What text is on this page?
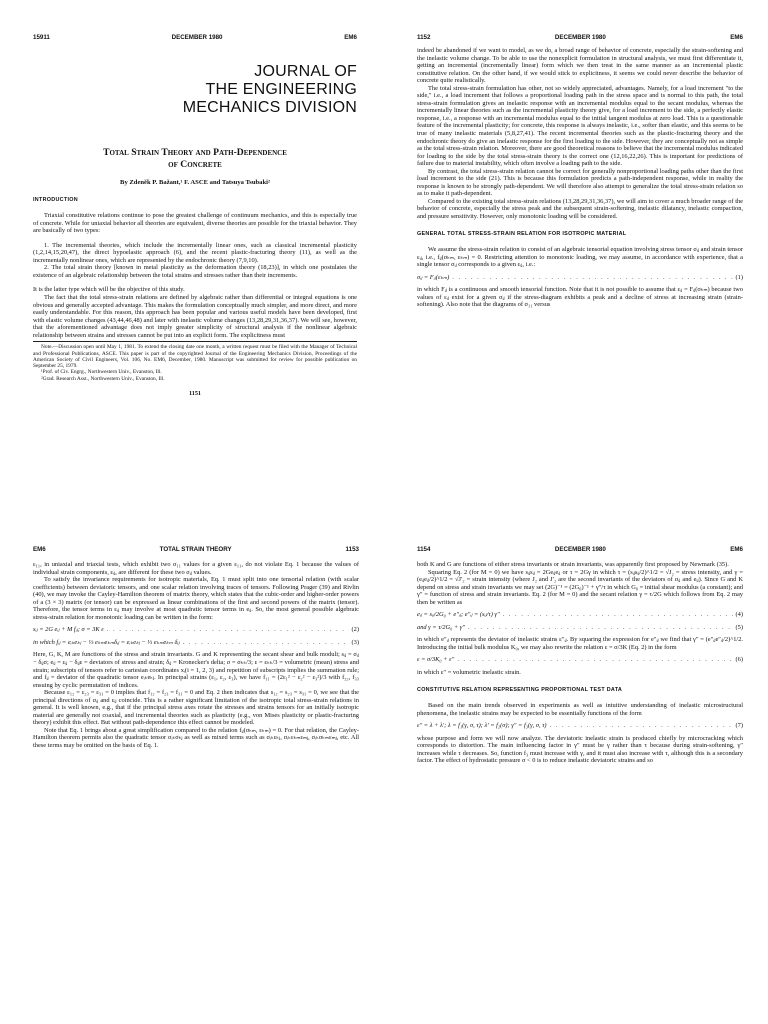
15911	DECEMBER 1980	EM6
JOURNAL OF
THE ENGINEERING
MECHANICS DIVISION
Total Strain Theory and Path-Dependence
of Concrete
By Zdeněk P. Bažant,¹ F. ASCE and Tatsuya Tsubaki²
INTRODUCTION

Triaxial constitutive relations continue to pose the greatest challenge of continuum mechanics, and this is especially true of concrete. While for uniaxial behavior all theories are equivalent, diverse theories are possible for the triaxial behavior. They are basically of two types:

1. The incremental theories, which include the incrementally linear ones, such as classical incremental plasticity (1,2,14,15,20,47), the direct hypoelastic approach (6), and the recent plastic-fracturing theory (11), as well as the incrementally nonlinear ones, which are represented by the endochronic theory (7,9,10).

2. The total strain theory [known in metal plasticity as the deformation theory (18,23)], in which one postulates the existence of an algebraic relationship between the total strains and stresses rather than their increments.

It is the latter type which will be the objective of this study.

The fact that the total stress-strain relations are defined by algebraic rather than differential or integral equations is one obvious and generally accepted advantage. This makes the formulation conceptually much simpler, and more direct, and more easily understandable. For this reason, this approach has been popular and various useful models have been developed, first with elastic volume changes (43,44,46,48) and later with inelastic volume changes (13,28,29,31,36,37). We will see, however, that the aforementioned advantage does not imply greater simplicity of structural analysis if the nonlinear algebraic relationship between strains and stresses cannot be put into an explicit form. The explicitness must

Note.—Discussion open until May 1, 1981. To extend the closing date one month, a written request must be filed with the Manager of Technical and Professional Publications, ASCE. This paper is part of the copyrighted Journal of the Engineering Mechanics Division, Proceedings of the American Society of Civil Engineers, Vol. 106, No. EM6, December, 1980. Manuscript was submitted for review for possible publication on September 25, 1979.

¹Prof. of Civ. Engrg., Northwestern Univ., Evanston, Ill.

²Grad. Research Asst., Northwestern Univ., Evanston, Ill.

1151
1152	DECEMBER 1980	EM6

indeed be abandoned if we want to model, as we do, a broad range of behavior of concrete, especially the strain-softening and the inelastic volume change. To be able to use the nonexplicit formulation in structural analysis, we must first differentiate it, getting an incremental (incrementally linear) form which we then treat in the same manner as an incremental plastic constitutive relation. On the other hand, if we would stick to explicitness, it seems we could never describe the behavior of concrete quite realistically.

The total stress-strain formulation has other, not so widely appreciated, advantages. Namely, for a load increment "to the side," i.e., a load increment that follows a proportional loading path in the stress space and is normal to this path, the total stress-strain formulation gives an inelastic response with an incremental modulus equal to the secant modulus, whereas the incrementally linear theories such as the incremental plasticity theory give, for a load increment to the side, a perfectly elastic response, i.e., a response with an incremental modulus equal to the initial tangent modulus at zero load. This is a questionable feature of the incremental plasticity; for concrete, this response is always inelastic, i.e., softer than elastic, and this seems to be true of many inelastic materials (5,8,27,41). The recent incremental theories such as the plastic-fracturing theory and the endochronic theory do give an inelastic response for the first loading to the side. However, they are conceptually not as simple as the total stress-strain relation. Moreover, there are good theoretical reasons to believe that the incremental modulus indicated for loading to the side by the total stress-strain theory is the correct one (12,16,22,26). This is important for predictions of failure due to material instability, which often involve a loading path to the side.

By contrast, the total stress-strain relation cannot be correct for generally nonproportional loading paths other than the first load increment to the side (21). This is because this formulation predicts a path-independent response, while in reality the response is known to be strongly path-dependent. We will therefore also attempt to generalize the total stress-strain relation so as to make it path-dependent.

Compared to the existing total stress-strain relations (13,28,29,31,36,37), we will aim to cover a much broader range of the behavior of concrete, especially the stress peak and the subsequent strain-softening, inelastic dilatancy, inelastic compaction, and pressure sensitivity. However, only monotonic loading will be considered.

GENERAL TOTAL STRESS-STRAIN RELATION FOR ISOTROPIC MATERIAL

We assume the stress-strain relation to consist of an algebraic tensorial equation involving stress tensor σᵢⱼ and strain tensor εᵢⱼ, i.e., fᵢⱼ(σₖₘ, εₖₘ) = 0. Restricting attention to monotonic loading, we may assume, in accordance with experience, that a single tensor σᵢⱼ corresponds to a given εᵢⱼ, i.e.:

σᵢⱼ = Fᵢⱼ(εₖₘ) . . .	(1)

in which Fᵢⱼ is a continuous and smooth tensorial function. Note that it is not possible to assume that εᵢⱼ = Fᵢⱼ(σₖₘ) because two values of εᵢⱼ exist for a given σᵢⱼ if the stress-diagram exhibits a peak and a decline of stress at increasing strain (strain-softening). Also note that the diagrams of σ₁₁ versus

EM6	TOTAL STRAIN THEORY	1153

ε₁₁, in uniaxial and triaxial tests, which exhibit two σ₁₁ values for a given ε₁₁, do not violate Eq. 1 because the values of individual strain components, εᵢⱼ, are different for these two σᵢⱼ values.

To satisfy the invariance requirements for isotropic materials, Eq. 1 must split into one tensorial relation (with scalar coefficients) between deviatoric tensors, and one scalar relation involving traces of tensors. Following Prager (39) and Rivlin (40), we may invoke the Cayley-Hamilton theorem of matrix theory, which states that the cubic-order and higher-order powers of a (3 × 3) matrix (or tensor) can be expressed as linear combinations of the first and second powers of the matrix (tensor). Therefore, the tensor terms in εᵢⱼ may involve at most quadratic tensor terms in eᵢⱼ. So, the most general possible algebraic stress-strain relation for monotonic loading can be written in the form:

sᵢⱼ = 2G eᵢⱼ + M fᵢⱼ; σ = 3K ε . . .	(2)
in which fᵢⱼ = eᵢₖeₖⱼ − ⅓ eₖₘeₖₘδᵢⱼ = eᵢₖeₖⱼ − ⅓ eₖₘeₖₘ δᵢⱼ . . .	(3)

Here, G, K, M are functions of the stress and strain invariants. G and K representing the secant shear and bulk moduli; sᵢⱼ = σᵢⱼ − δᵢⱼσ; eᵢⱼ = εᵢⱼ − δᵢⱼε = deviators of stress and strain; δᵢⱼ = Kronecker's delta; σ = σₖₖ/3; ε = εₖₖ/3 = volumetric (mean) stress and strain; subscripts of tensors refer to cartesian coordinates xᵢ(i = 1, 2, 3) and repetition of subscripts implies the summation rule; and fᵢⱼ = deviator of the quadratic tensor eᵢₖeₖⱼ. In principal strains (ε₁, ε₂, ε₃), we have f₁₁ = (2ε₁² − ε₂² − ε₃²)/3 with f₂₂, f₃₃ ensuing by cyclic permutation of indices.

Because ε₁₂ = ε₂₃ = ε₃₁ = 0 implies that f₁₂ = f₂₃ = f₃₁ = 0 and Eq. 2 then indicates that s₁₂ = s₂₃ = s₃₁ = 0, we see that the principal directions of σᵢⱼ and εᵢⱼ coincide. This is a rather significant limitation of the isotropic total stress-strain relations in general. It is well known, e.g., that if the principal stress axes rotate the stresses and strains tensors for an initially isotropic material are generally not coaxial, and incremental theories such as plasticity (e.g., von Mises plasticity or plastic-fracturing theory) exhibit this effect. But without path-dependence this effect cannot be modeled.

Note that Eq. 1 brings about a great simplification compared to the relation fᵢⱼ(σₖₘ, εₖₘ) = 0. For that relation, the Cayley-Hamilton theorem permits also the quadratic tensor σᵢₖσₖⱼ as well as mixed terms such as σᵢₖεₖⱼ, σᵢₖεₖₘεₘⱼ, σᵢₖσₖₘεₘⱼ, etc. All these terms may be omitted on the basis of Eq. 1.

1154	DECEMBER 1980	EM6

both K and G are functions of either stress invariants or strain invariants, was apparently first proposed by Newmark (35).

Squaring Eq. 2 (for M = 0) we have sᵢⱼsᵢⱼ = 2Geᵢⱼeᵢⱼ or τ = 2Gγ in which τ = (sᵢⱼsᵢⱼ/2)^1/2 = √J₂ = stress intensity, and γ = (eᵢⱼeᵢⱼ/2)^1/2 = √J′₂ = strain intensity (where J₂ and J′₂ are the second invariants of the deviators of σᵢⱼ and eᵢⱼ). Since G and K depend on stress and strain invariants we may set (2G)⁻¹ = (2G₀)⁻¹ + γ″/τ in which G₀ = initial shear modulus (a constant); and γ″ = function of stress and strain invariants. Eq. 2 (for M = 0) and the secant relation γ = τ/2G which follows from Eq. 2 may then be written as

eᵢⱼ = sᵢⱼ/2G₀ + e″ᵢⱼ; e″ᵢⱼ = (sᵢⱼ/τ) γ″ . . .	(4)
and γ = τ/2G₀ + γ″ . . .	(5)

in which e″ᵢⱼ represents the deviator of inelastic strains ε″ᵢⱼ. By squaring the expression for e″ᵢⱼ we find that γ″ = (e″ᵢⱼe″ᵢⱼ/2)^1/2. Introducing the initial bulk modulus K₀, we may also rewrite the relation ε = σ/3K (Eq. 2) in the form

ε = σ/3K₀ + ε″ . . .	(6)

in which ε″ = volumetric inelastic strain.

CONSTITUTIVE RELATION REPRESENTING PROPORTIONAL TEST DATA

Based on the main trends observed in experiments as well as intuitive understanding of inelastic microstructural phenomena, the inelastic strains may be expected to be essentially functions of the form

ε″ = λ + λ′; λ = f₁(γ, σ, τ); λ′ = f₂(σ); γ″ = f₃(γ, σ, τ) . . .	(7)

whose purpose and form we will now analyze. The deviatoric inelastic strain is produced chiefly by microcracking which corresponds to distortion. The main influencing factor in γ″ must be γ rather than τ because during strain-softening, γ″ increases while τ decreases. So, function f₃ must increase with γ, and it must also increase with τ, although this is a secondary factor. The effect of hydrostatic pressure σ < 0 is to reduce inelastic deviatoric strains and so
